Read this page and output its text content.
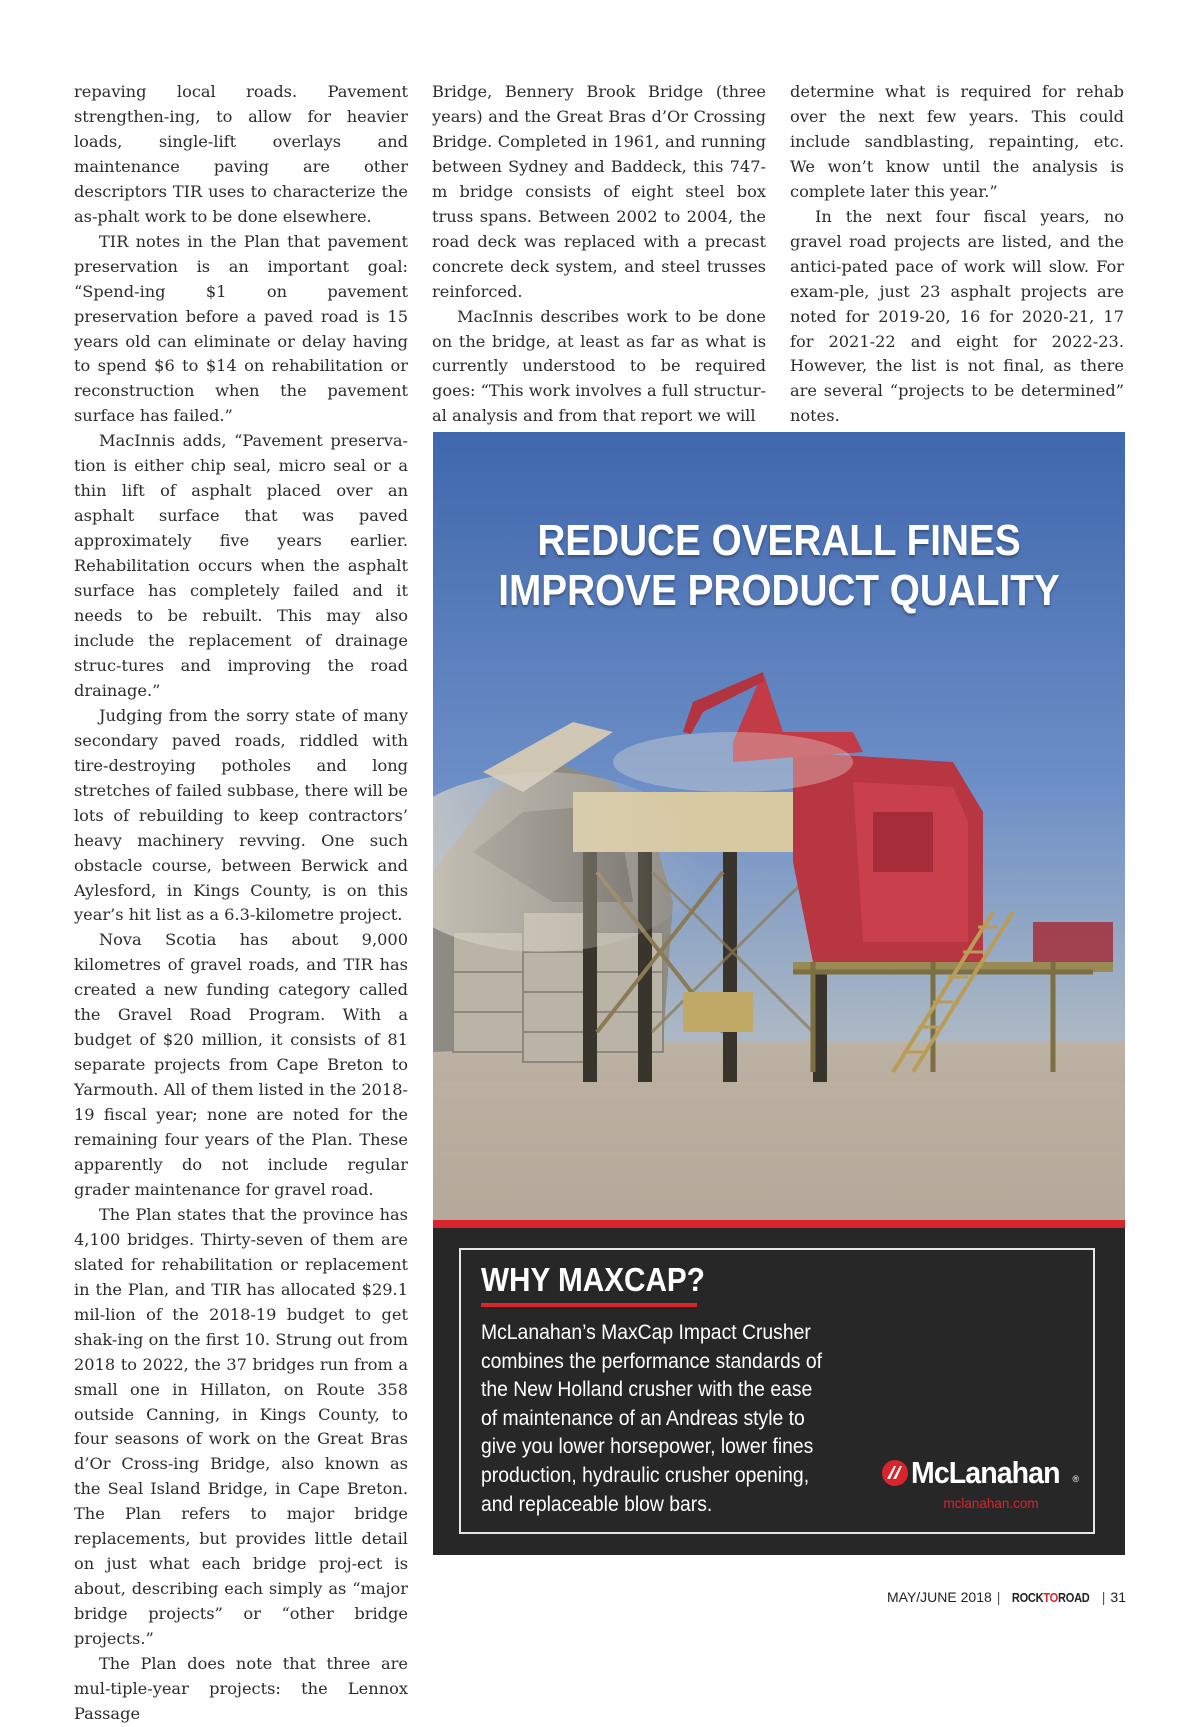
repaving local roads. Pavement strengthen-ing, to allow for heavier loads, single-lift overlays and maintenance paving are other descriptors TIR uses to characterize the as-phalt work to be done elsewhere.

TIR notes in the Plan that pavement preservation is an important goal: “Spend-ing $1 on pavement preservation before a paved road is 15 years old can eliminate or delay having to spend $6 to $14 on rehabilitation or reconstruction when the pavement surface has failed.”

MacInnis adds, “Pavement preserva-tion is either chip seal, micro seal or a thin lift of asphalt placed over an asphalt surface that was paved approximately five years earlier. Rehabilitation occurs when the asphalt surface has completely failed and it needs to be rebuilt. This may also include the replacement of drainage struc-tures and improving the road drainage.”

Judging from the sorry state of many secondary paved roads, riddled with tire-destroying potholes and long stretches of failed subbase, there will be lots of rebuilding to keep contractors’ heavy machinery revving. One such obstacle course, between Berwick and Aylesford, in Kings County, is on this year’s hit list as a 6.3-kilometre project.

Nova Scotia has about 9,000 kilometres of gravel roads, and TIR has created a new funding category called the Gravel Road Program. With a budget of $20 million, it consists of 81 separate projects from Cape Breton to Yarmouth. All of them listed in the 2018-19 fiscal year; none are noted for the remaining four years of the Plan. These apparently do not include regular grader maintenance for gravel road.

The Plan states that the province has 4,100 bridges. Thirty-seven of them are slated for rehabilitation or replacement in the Plan, and TIR has allocated $29.1 mil-lion of the 2018-19 budget to get shak-ing on the first 10. Strung out from 2018 to 2022, the 37 bridges run from a small one in Hillaton, on Route 358 outside Canning, in Kings County, to four seasons of work on the Great Bras d’Or Cross-ing Bridge, also known as the Seal Island Bridge, in Cape Breton. The Plan refers to major bridge replacements, but provides little detail on just what each bridge proj-ect is about, describing each simply as “major bridge projects” or “other bridge projects.”

The Plan does note that three are mul-tiple-year projects: the Lennox Passage

Bridge, Bennery Brook Bridge (three years) and the Great Bras d’Or Crossing Bridge. Completed in 1961, and running between Sydney and Baddeck, this 747-m bridge consists of eight steel box truss spans. Between 2002 to 2004, the road deck was replaced with a precast concrete deck system, and steel trusses reinforced.

MacInnis describes work to be done on the bridge, at least as far as what is currently understood to be required goes: “This work involves a full structur-al analysis and from that report we will

determine what is required for rehab over the next few years. This could include sandblasting, repainting, etc. We won’t know until the analysis is complete later this year.”

In the next four fiscal years, no gravel road projects are listed, and the antici-pated pace of work will slow. For exam-ple, just 23 asphalt projects are noted for 2019-20, 16 for 2020-21, 17 for 2021-22 and eight for 2022-23. However, the list is not final, as there are several “projects to be determined” notes.

REDUCE OVERALL FINES
IMPROVE PRODUCT QUALITY
WHY MAXCAP?
McLanahan’s MaxCap Impact Crusher
combines the performance standards of
the New Holland crusher with the ease
of maintenance of an Andreas style to
give you lower horsepower, lower fines
production, hydraulic crusher opening,
and replaceable blow bars.
McLanahan ®
mclanahan.com
MAY/JUNE 2018 | ROCKTOROAD | 31
